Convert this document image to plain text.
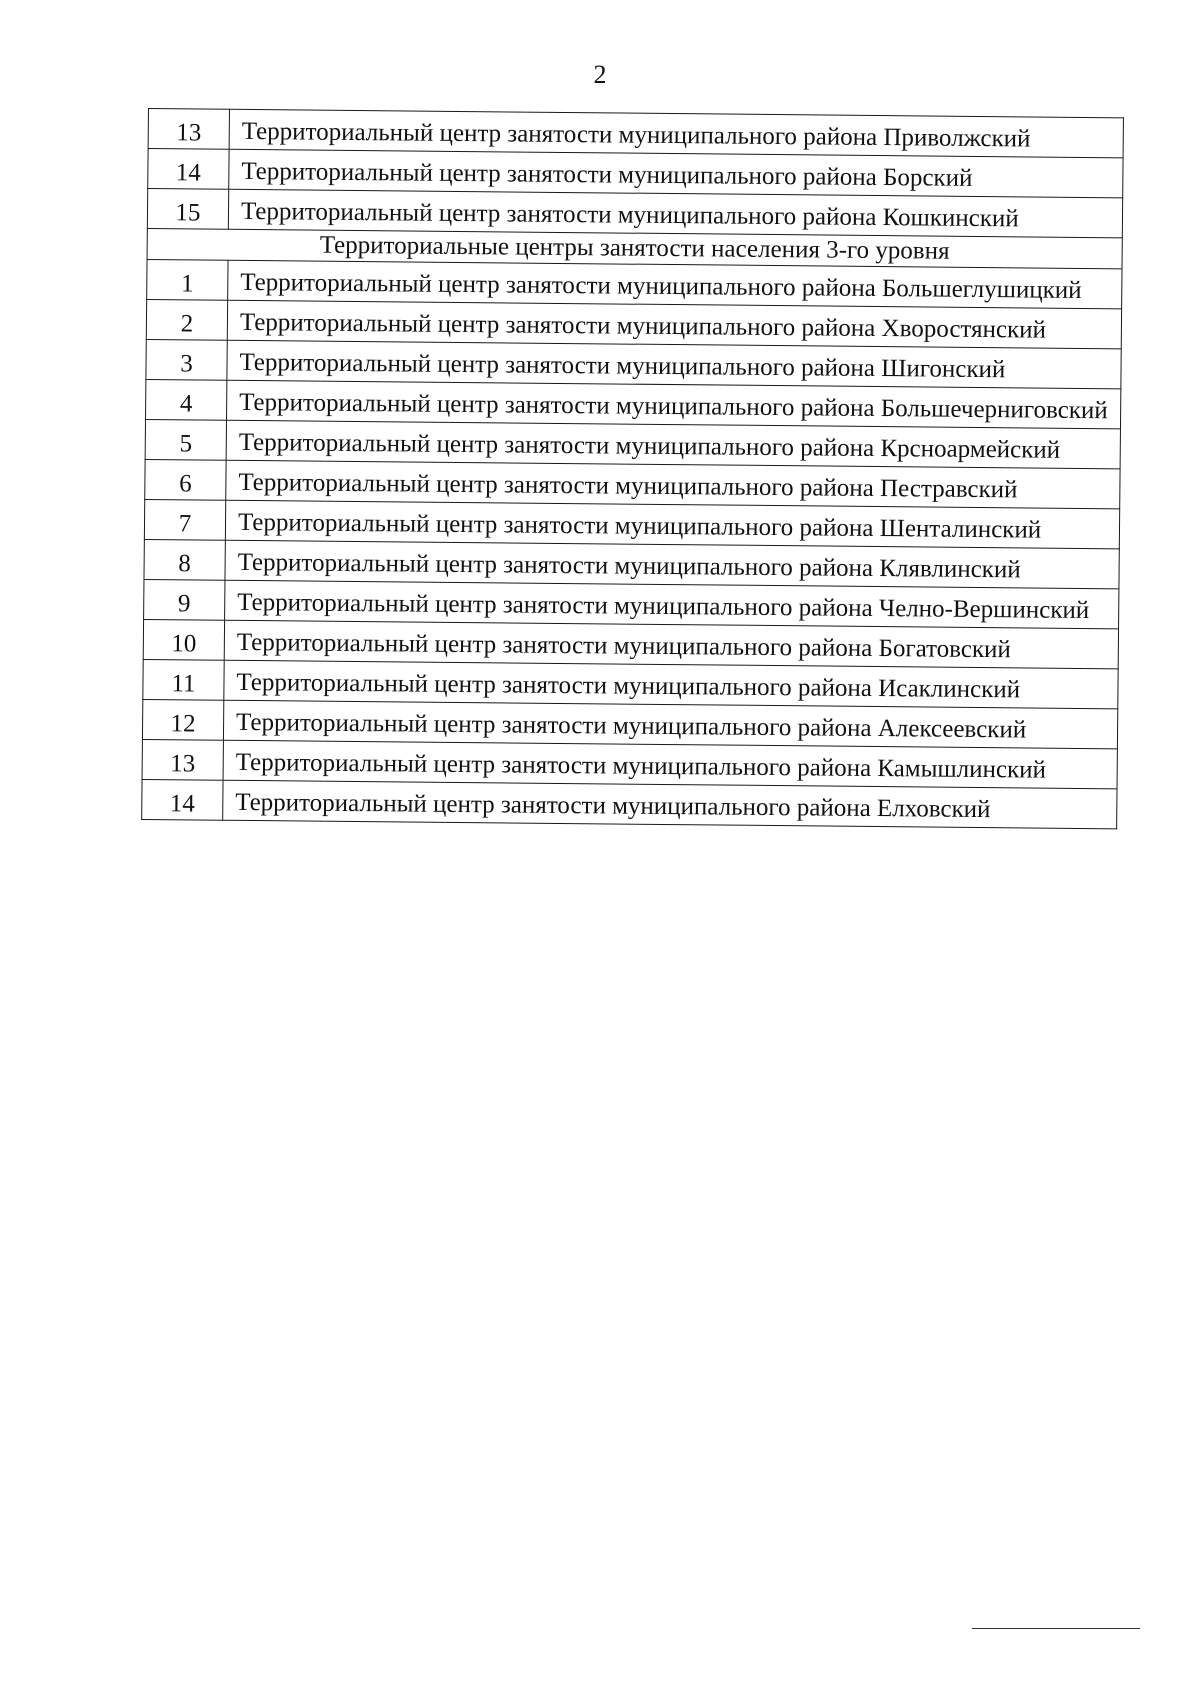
2
13	Территориальный центр занятости муниципального района Приволжский
14	Территориальный центр занятости муниципального района Борский
15	Территориальный центр занятости муниципального района Кошкинский
Территориальные центры занятости населения 3-го уровня	
1	Территориальный центр занятости муниципального района Большеглушицкий
2	Территориальный центр занятости муниципального района Хворостянский
3	Территориальный центр занятости муниципального района Шигонский
4	Территориальный центр занятости муниципального района Большечерниговский
5	Территориальный центр занятости муниципального района Крсноармейский
6	Территориальный центр занятости муниципального района Пестравский
7	Территориальный центр занятости муниципального района Шенталинский
8	Территориальный центр занятости муниципального района Клявлинский
9	Территориальный центр занятости муниципального района Челно-Вершинский
10	Территориальный центр занятости муниципального района Богатовский
11	Территориальный центр занятости муниципального района Исаклинский
12	Территориальный центр занятости муниципального района Алексеевский
13	Территориальный центр занятости муниципального района Камышлинский
14	Территориальный центр занятости муниципального района Елховский
